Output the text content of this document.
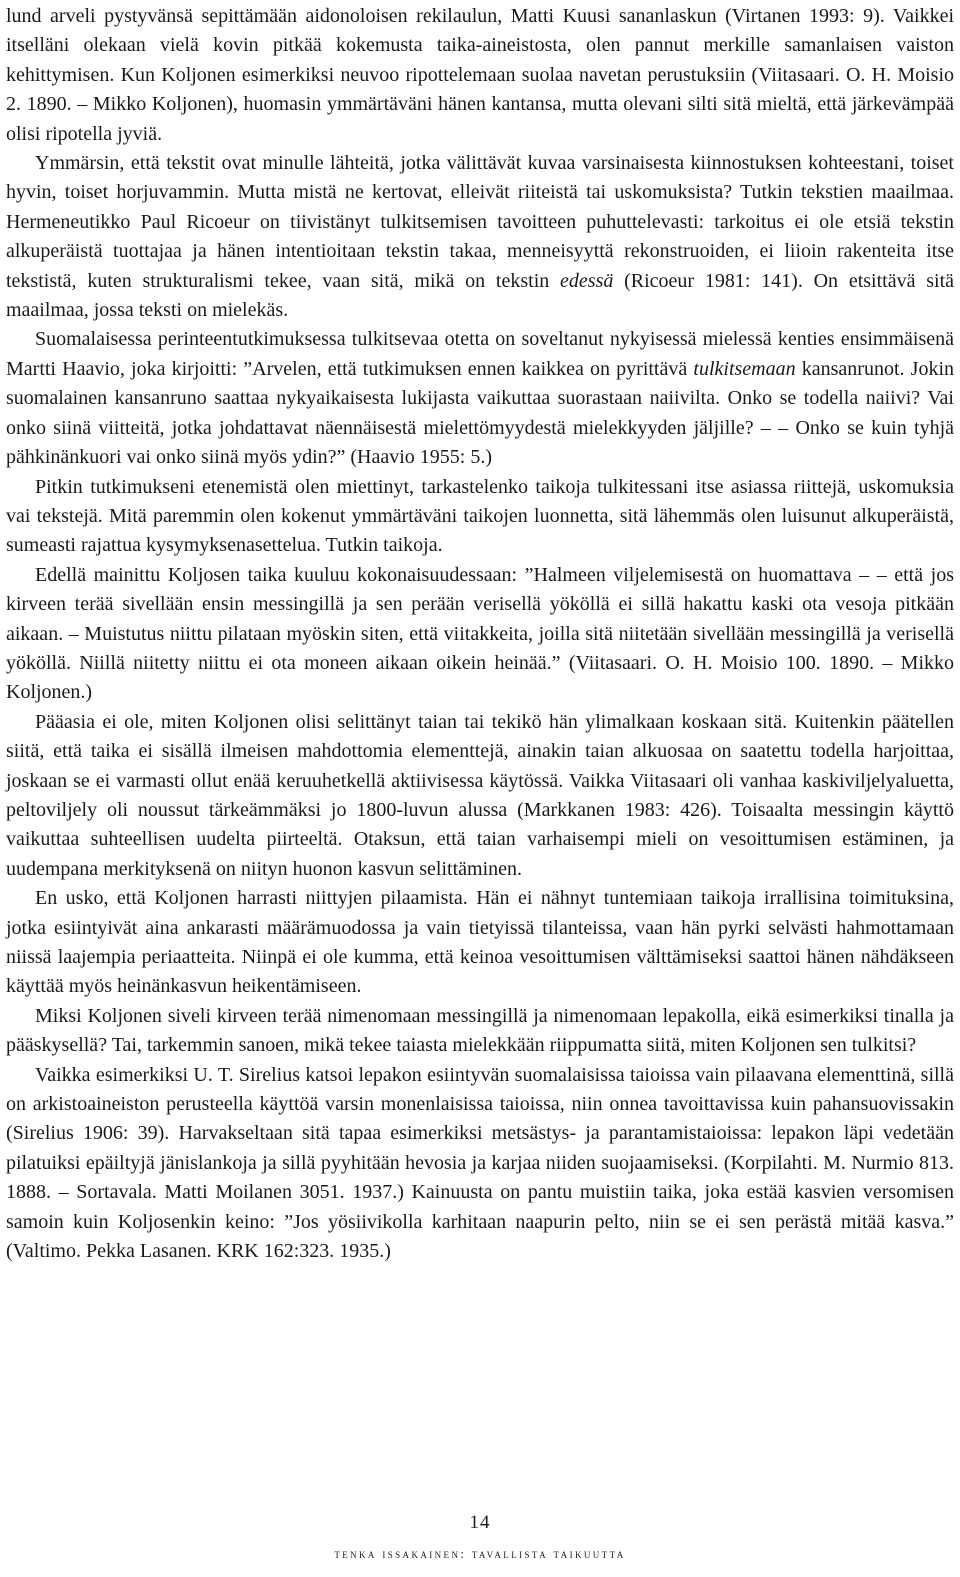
lund arveli pystyvänsä sepittämään aidonoloisen rekilaulun, Matti Kuusi sananlaskun (Virtanen 1993: 9). Vaikkei itselläni olekaan vielä kovin pitkää kokemusta taika-aineistosta, olen pannut merkille samanlaisen vaiston kehittymisen. Kun Koljonen esimerkiksi neuvoo ripottelemaan suolaa navetan perustuksiin (Viitasaari. O. H. Moisio 2. 1890. – Mikko Koljonen), huomasin ymmärtäväni hänen kantansa, mutta olevani silti sitä mieltä, että järkevämpää olisi ripotella jyviä.

Ymmärsin, että tekstit ovat minulle lähteitä, jotka välittävät kuvaa varsinaisesta kiinnostuksen kohteestani, toiset hyvin, toiset horjuvammin. Mutta mistä ne kertovat, elleivät riiteistä tai uskomuksista? Tutkin tekstien maailmaa. Hermeneutikko Paul Ricoeur on tiivistänyt tulkitsemisen tavoitteen puhuttelevasti: tarkoitus ei ole etsiä tekstin alkuperäistä tuottajaa ja hänen intentioitaan tekstin takaa, menneisyyttä rekonstruoiden, ei liioin rakenteita itse tekstistä, kuten strukturalismi tekee, vaan sitä, mikä on tekstin edessä (Ricoeur 1981: 141). On etsittävä sitä maailmaa, jossa teksti on mielekäs.

Suomalaisessa perinteentutkimuksessa tulkitsevaa otetta on soveltanut nykyisessä mielessä kenties ensimmäisenä Martti Haavio, joka kirjoitti: ”Arvelen, että tutkimuksen ennen kaikkea on pyrittävä tulkitsemaan kansanrunot. Jokin suomalainen kansanruno saattaa nykyaikaisesta lukijasta vaikuttaa suorastaan naiivilta. Onko se todella naiivi? Vai onko siinä viitteitä, jotka johdattavat näennäisestä mielettömyydestä mielekkyyden jäljille? – – Onko se kuin tyhjä pähkinänkuori vai onko siinä myös ydin?” (Haavio 1955: 5.)

Pitkin tutkimukseni etenemistä olen miettinyt, tarkastelenko taikoja tulkitessani itse asiassa riittejä, uskomuksia vai tekstejä. Mitä paremmin olen kokenut ymmärtäväni taikojen luonnetta, sitä lähemmäs olen luisunut alkuperäistä, sumeasti rajattua kysymyksenasettelua. Tutkin taikoja.

Edellä mainittu Koljosen taika kuuluu kokonaisuudessaan: ”Halmeen viljelemisestä on huomattava – – että jos kirveen terää sivellään ensin messingillä ja sen perään verisellä yököllä ei sillä hakattu kaski ota vesoja pitkään aikaan. – Muistutus niittu pilataan myöskin siten, että viitakkeita, joilla sitä niitetään sivellään messingillä ja verisellä yököllä. Niillä niitetty niittu ei ota moneen aikaan oikein heinää.” (Viitasaari. O. H. Moisio 100. 1890. – Mikko Koljonen.)

Pääasia ei ole, miten Koljonen olisi selittänyt taian tai tekikö hän ylimalkaan koskaan sitä. Kuitenkin päätellen siitä, että taika ei sisällä ilmeisen mahdottomia elementtejä, ainakin taian alkuosaa on saatettu todella harjoittaa, joskaan se ei varmasti ollut enää keruuhetkellä aktiivisessa käytössä. Vaikka Viitasaari oli vanhaa kaskiviljelyaluetta, peltoviljely oli noussut tärkeämmäksi jo 1800-luvun alussa (Markkanen 1983: 426). Toisaalta messingin käyttö vaikuttaa suhteellisen uudelta piirteeltä. Otaksun, että taian varhaisempi mieli on vesoittumisen estäminen, ja uudempana merkityksenä on niityn huonon kasvun selittäminen.

En usko, että Koljonen harrasti niittyjen pilaamista. Hän ei nähnyt tuntemiaan taikoja irrallisina toimituksina, jotka esiintyivät aina ankarasti määrämuodossa ja vain tietyissä tilanteissa, vaan hän pyrki selvästi hahmottamaan niissä laajempia periaatteita. Niinpä ei ole kumma, että keinoa vesoittumisen välttämiseksi saattoi hänen nähdäkseen käyttää myös heinänkasvun heikentämiseen.

Miksi Koljonen siveli kirveen terää nimenomaan messingillä ja nimenomaan lepakolla, eikä esimerkiksi tinalla ja pääskysellä? Tai, tarkemmin sanoen, mikä tekee taiasta mielekkään riippumatta siitä, miten Koljonen sen tulkitsi?

Vaikka esimerkiksi U. T. Sirelius katsoi lepakon esiintyvän suomalaisissa taioissa vain pilaavana elementtinä, sillä on arkistoaineiston perusteella käyttöä varsin monenlaisissa taioissa, niin onnea tavoittavissa kuin pahansuovissakin (Sirelius 1906: 39). Harvakseltaan sitä tapaa esimerkiksi metsästys- ja parantamistaioissa: lepakon läpi vedetään pilatuiksi epäiltyjä jänislankoja ja sillä pyyhitään hevosia ja karjaa niiden suojaamiseksi. (Korpilahti. M. Nurmio 813. 1888. – Sortavala. Matti Moilanen 3051. 1937.) Kainuusta on pantu muistiin taika, joka estää kasvien versomisen samoin kuin Koljosenkin keino: ”Jos yösiivikolla karhitaan naapurin pelto, niin se ei sen perästä mitää kasva.” (Valtimo. Pekka Lasanen. KRK 162:323. 1935.)

14
tenka issakainen: tavallista taikuutta
